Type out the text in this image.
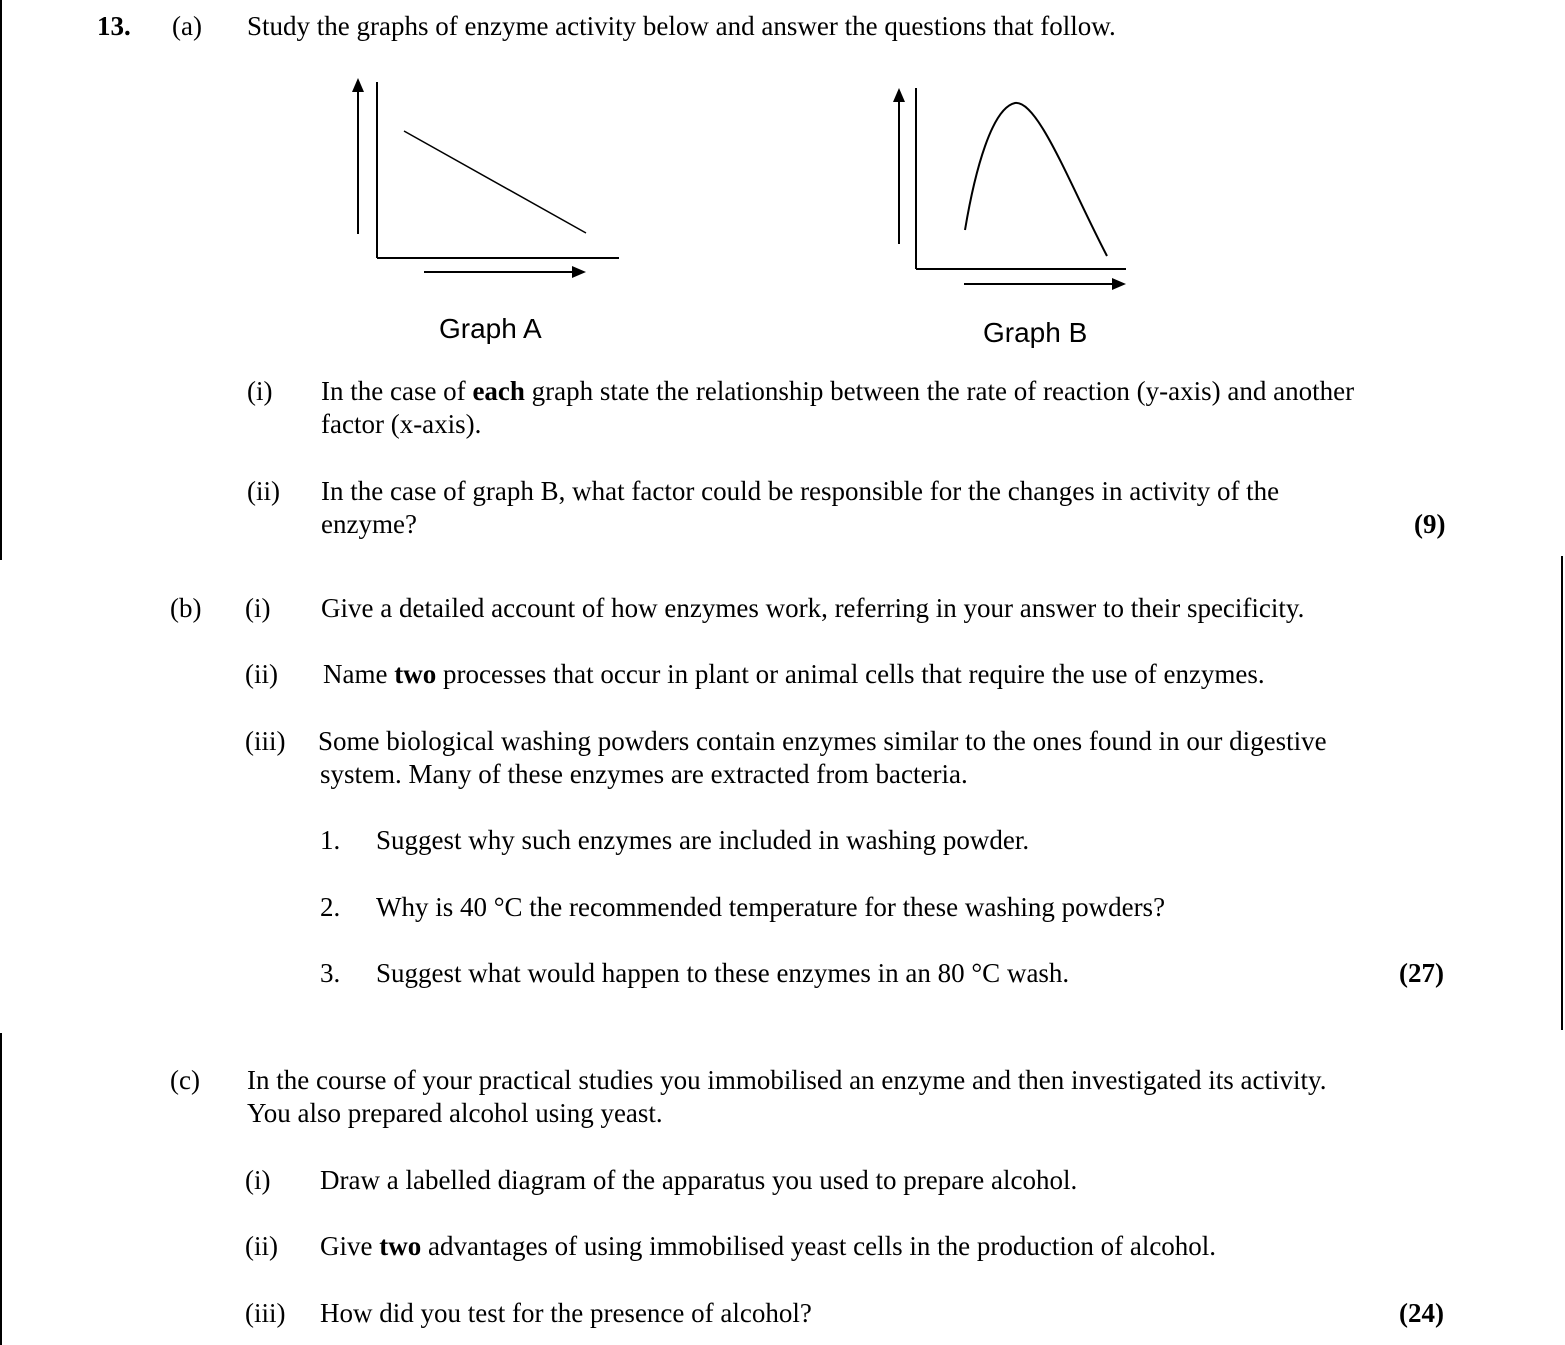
13. (a) Study the graphs of enzyme activity below and answer the questions that follow.
Graph A	Graph B
(i) In the case of each graph state the relationship between the rate of reaction (y-axis) and another
factor (x-axis).
(ii) In the case of graph B, what factor could be responsible for the changes in activity of the
enzyme?	(9)
(b) (i) Give a detailed account of how enzymes work, referring in your answer to their specificity.
(ii) Name two processes that occur in plant or animal cells that require the use of enzymes.
(iii) Some biological washing powders contain enzymes similar to the ones found in our digestive
system. Many of these enzymes are extracted from bacteria.
1. Suggest why such enzymes are included in washing powder.
2. Why is 40 °C the recommended temperature for these washing powders?
3. Suggest what would happen to these enzymes in an 80 °C wash.	(27)
(c) In the course of your practical studies you immobilised an enzyme and then investigated its activity.
You also prepared alcohol using yeast.
(i) Draw a labelled diagram of the apparatus you used to prepare alcohol.
(ii) Give two advantages of using immobilised yeast cells in the production of alcohol.
(iii) How did you test for the presence of alcohol?	(24)
